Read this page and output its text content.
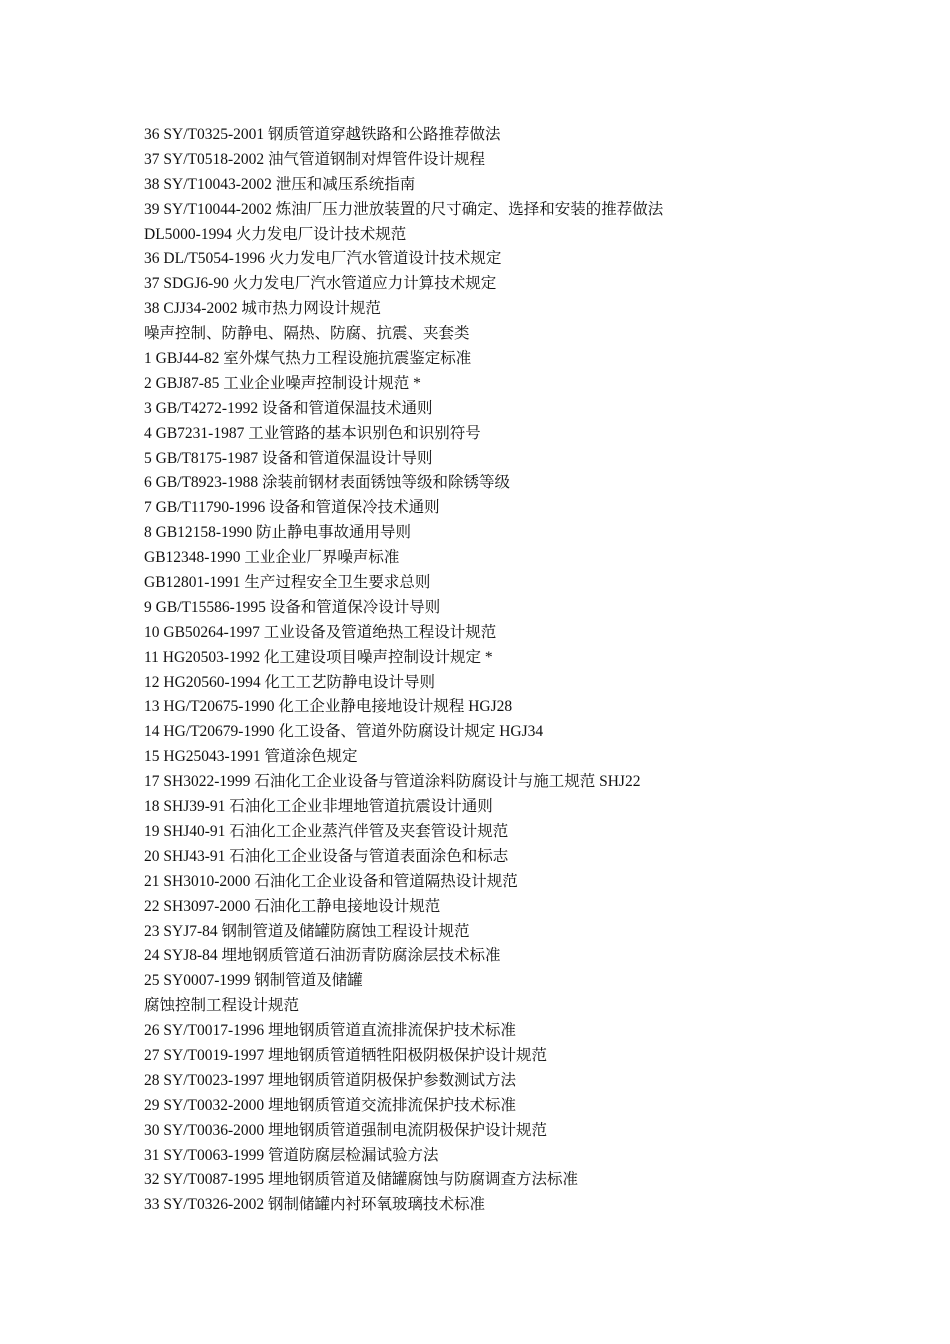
36 SY/T0325-2001 钢质管道穿越铁路和公路推荐做法
37 SY/T0518-2002 油气管道钢制对焊管件设计规程
38 SY/T10043-2002 泄压和减压系统指南
39 SY/T10044-2002 炼油厂压力泄放装置的尺寸确定、选择和安装的推荐做法
DL5000-1994 火力发电厂设计技术规范
36 DL/T5054-1996 火力发电厂汽水管道设计技术规定
37 SDGJ6-90 火力发电厂汽水管道应力计算技术规定
38 CJJ34-2002 城市热力网设计规范
噪声控制、防静电、隔热、防腐、抗震、夹套类
1 GBJ44-82 室外煤气热力工程设施抗震鉴定标准
2 GBJ87-85 工业企业噪声控制设计规范 *
3 GB/T4272-1992 设备和管道保温技术通则
4 GB7231-1987 工业管路的基本识别色和识别符号
5 GB/T8175-1987 设备和管道保温设计导则
6 GB/T8923-1988 涂装前钢材表面锈蚀等级和除锈等级
7 GB/T11790-1996 设备和管道保冷技术通则
8 GB12158-1990 防止静电事故通用导则
GB12348-1990 工业企业厂界噪声标准
GB12801-1991 生产过程安全卫生要求总则
9 GB/T15586-1995 设备和管道保冷设计导则
10 GB50264-1997 工业设备及管道绝热工程设计规范
11 HG20503-1992 化工建设项目噪声控制设计规定 *
12 HG20560-1994 化工工艺防静电设计导则
13 HG/T20675-1990 化工企业静电接地设计规程 HGJ28
14 HG/T20679-1990 化工设备、管道外防腐设计规定 HGJ34
15 HG25043-1991 管道涂色规定
17 SH3022-1999 石油化工企业设备与管道涂料防腐设计与施工规范 SHJ22
18 SHJ39-91 石油化工企业非埋地管道抗震设计通则
19 SHJ40-91 石油化工企业蒸汽伴管及夹套管设计规范
20 SHJ43-91 石油化工企业设备与管道表面涂色和标志
21 SH3010-2000 石油化工企业设备和管道隔热设计规范
22 SH3097-2000 石油化工静电接地设计规范
23 SYJ7-84 钢制管道及储罐防腐蚀工程设计规范
24 SYJ8-84 埋地钢质管道石油沥青防腐涂层技术标准
25 SY0007-1999 钢制管道及储罐
腐蚀控制工程设计规范
26 SY/T0017-1996 埋地钢质管道直流排流保护技术标准
27 SY/T0019-1997 埋地钢质管道牺牲阳极阴极保护设计规范
28 SY/T0023-1997 埋地钢质管道阴极保护参数测试方法
29 SY/T0032-2000 埋地钢质管道交流排流保护技术标准
30 SY/T0036-2000 埋地钢质管道强制电流阴极保护设计规范
31 SY/T0063-1999 管道防腐层检漏试验方法
32 SY/T0087-1995 埋地钢质管道及储罐腐蚀与防腐调查方法标准
33 SY/T0326-2002 钢制储罐内衬环氧玻璃技术标准
